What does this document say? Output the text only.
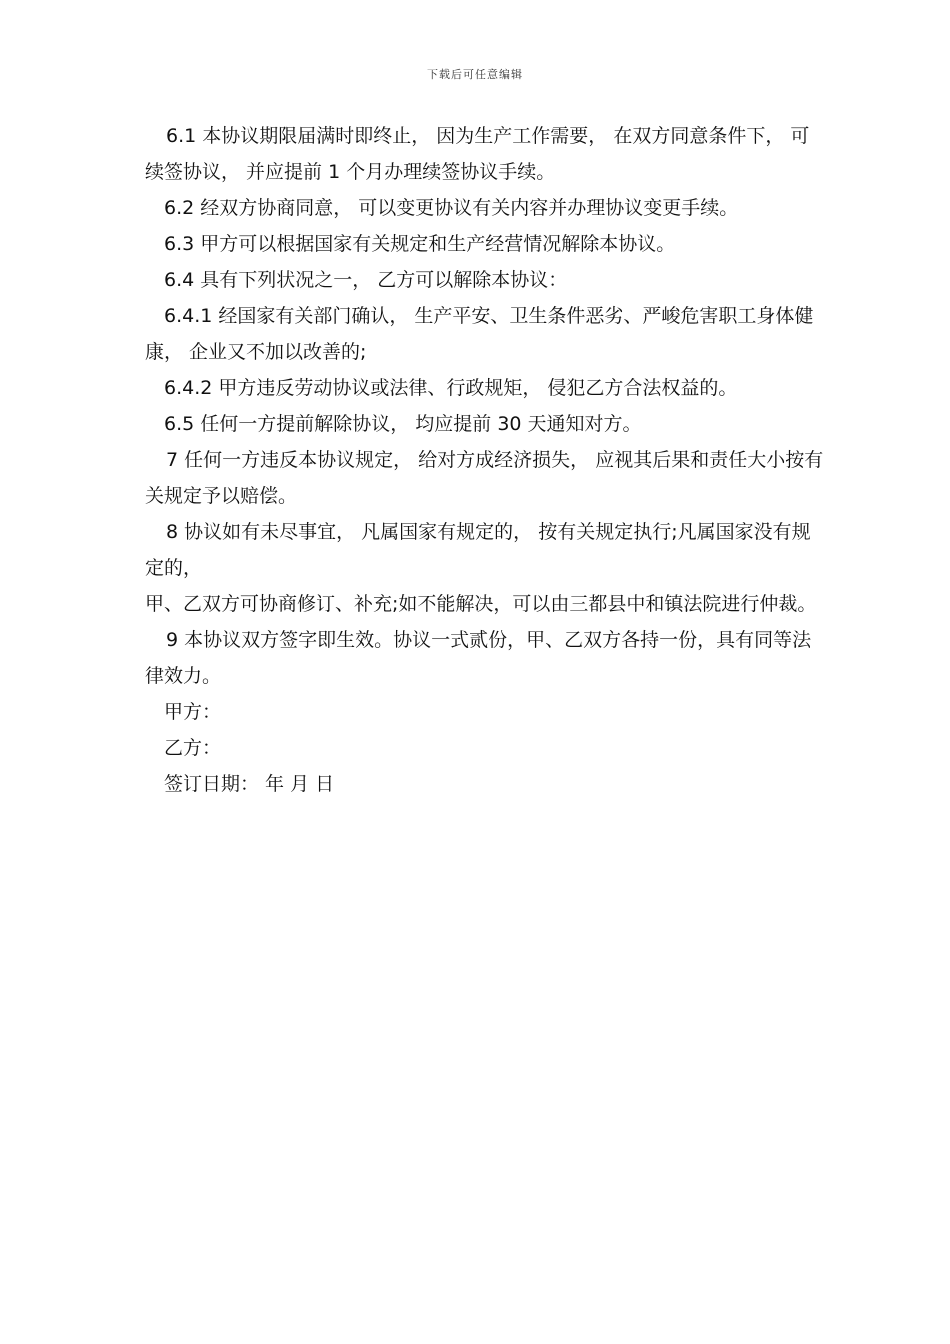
下载后可任意编辑

6.1 本协议期限届满时即终止， 因为生产工作需要， 在双方同意条件下， 可续签协议， 并应提前 1 个月办理续签协议手续。

6.2 经双方协商同意， 可以变更协议有关内容并办理协议变更手续。

6.3 甲方可以根据国家有关规定和生产经营情况解除本协议。

6.4 具有下列状况之一， 乙方可以解除本协议：

6.4.1 经国家有关部门确认， 生产平安、卫生条件恶劣、严峻危害职工身体健康， 企业又不加以改善的;

6.4.2 甲方违反劳动协议或法律、行政规矩， 侵犯乙方合法权益的。

6.5 任何一方提前解除协议， 均应提前 30 天通知对方。

7 任何一方违反本协议规定， 给对方成经济损失， 应视其后果和责任大小按有关规定予以赔偿。

8 协议如有未尽事宜， 凡属国家有规定的， 按有关规定执行;凡属国家没有规定的，

甲、乙双方可协商修订、补充;如不能解决，可以由三都县中和镇法院进行仲裁。

9 本协议双方签字即生效。协议一式贰份，甲、乙双方各持一份，具有同等法律效力。

甲方：

乙方：

签订日期： 年 月 日
